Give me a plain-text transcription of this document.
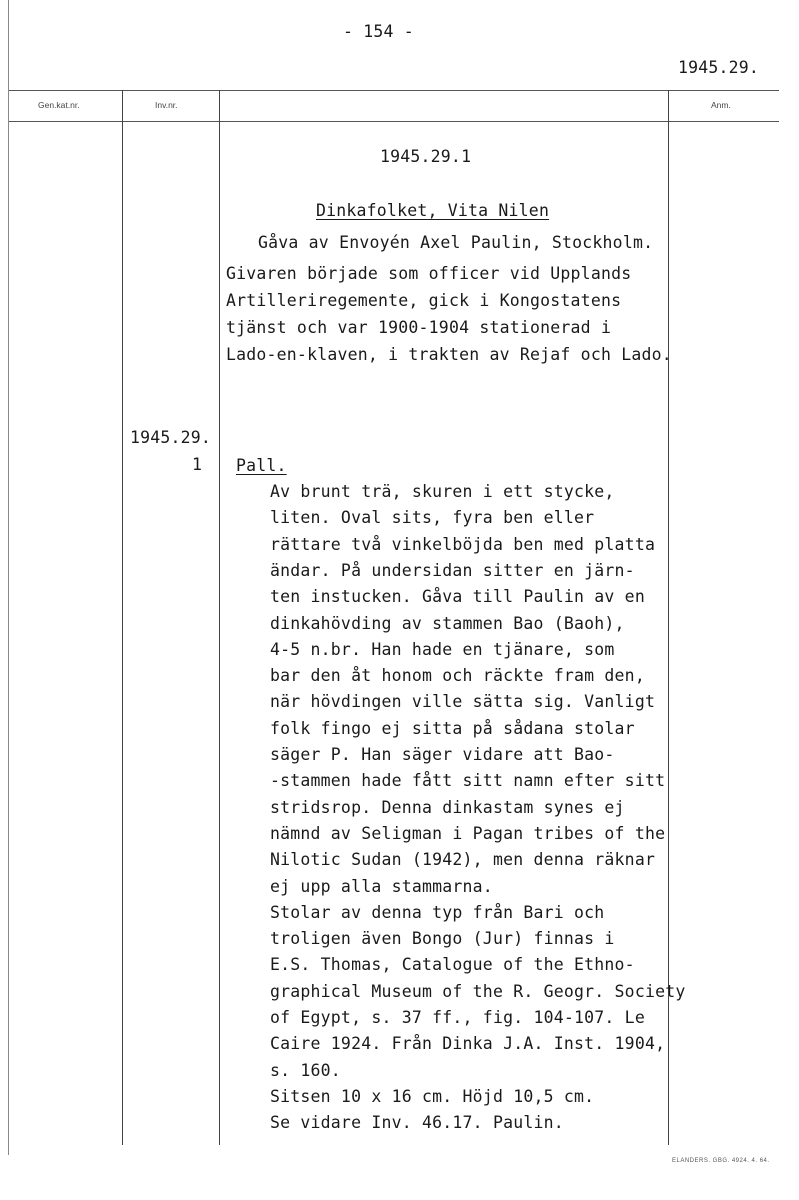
- 154 -
1945.29.
Gen.kat.nr.	Inv.nr.	Anm.
1945.29.1
Dinkafolket, Vita Nilen
Gåva av Envoyén Axel Paulin, Stockholm.
Givaren började som officer vid Upplands
Artilleriregemente, gick i Kongostatens
tjänst och var 1900-1904 stationerad i
Lado-en-klaven, i trakten av Rejaf och Lado.
1945.29.
1 Pall.
Av brunt trä, skuren i ett stycke,
liten. Oval sits, fyra ben eller
rättare två vinkelböjda ben med platta
ändar. På undersidan sitter en järn-
ten instucken. Gåva till Paulin av en
dinkahövding av stammen Bao (Baoh),
4-5 n.br. Han hade en tjänare, som
bar den åt honom och räckte fram den,
när hövdingen ville sätta sig. Vanligt
folk fingo ej sitta på sådana stolar
säger P. Han säger vidare att Bao-
-stammen hade fått sitt namn efter sitt
stridsrop. Denna dinkastam synes ej
nämnd av Seligman i Pagan tribes of the
Nilotic Sudan (1942), men denna räknar
ej upp alla stammarna.
Stolar av denna typ från Bari och
troligen även Bongo (Jur) finnas i
E.S. Thomas, Catalogue of the Ethno-
graphical Museum of the R. Geogr. Society
of Egypt, s. 37 ff., fig. 104-107. Le
Caire 1924. Från Dinka J.A. Inst. 1904,
s. 160.
Sitsen 10 x 16 cm. Höjd 10,5 cm.
Se vidare Inv. 46.17. Paulin.
ELANDERS. GBG. 4924. 4. 64.
